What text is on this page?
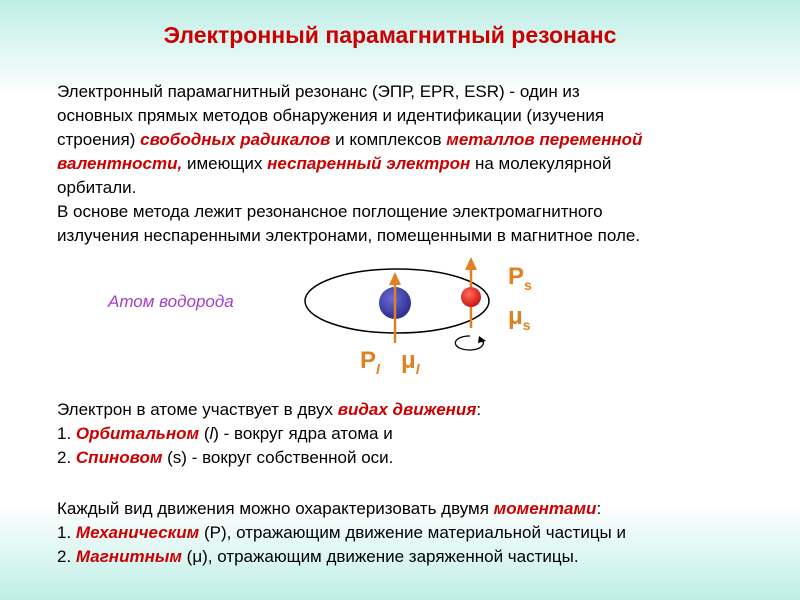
Электронный парамагнитный резонанс
Электронный парамагнитный резонанс (ЭПР, EPR, ESR) - один из
основных прямых методов обнаружения и идентификации (изучения
строения) свободных радикалов и комплексов металлов переменной
валентности, имеющих неспаренный электрон на молекулярной
орбитали.
В основе метода лежит резонансное поглощение электромагнитного
излучения неспаренными электронами, помещенными в магнитное поле.
Атом водорода
$P_s$
$\mu_s$
$P_l$ $\mu_l$
Электрон в атоме участвует в двух видах движения:
1. Орбитальном (l) - вокруг ядра атома и
2. Спиновом (s) - вокруг собственной оси.
Каждый вид движения можно охарактеризовать двумя моментами:
1. Механическим (P), отражающим движение материальной частицы и
2. Магнитным (μ), отражающим движение заряженной частицы.
